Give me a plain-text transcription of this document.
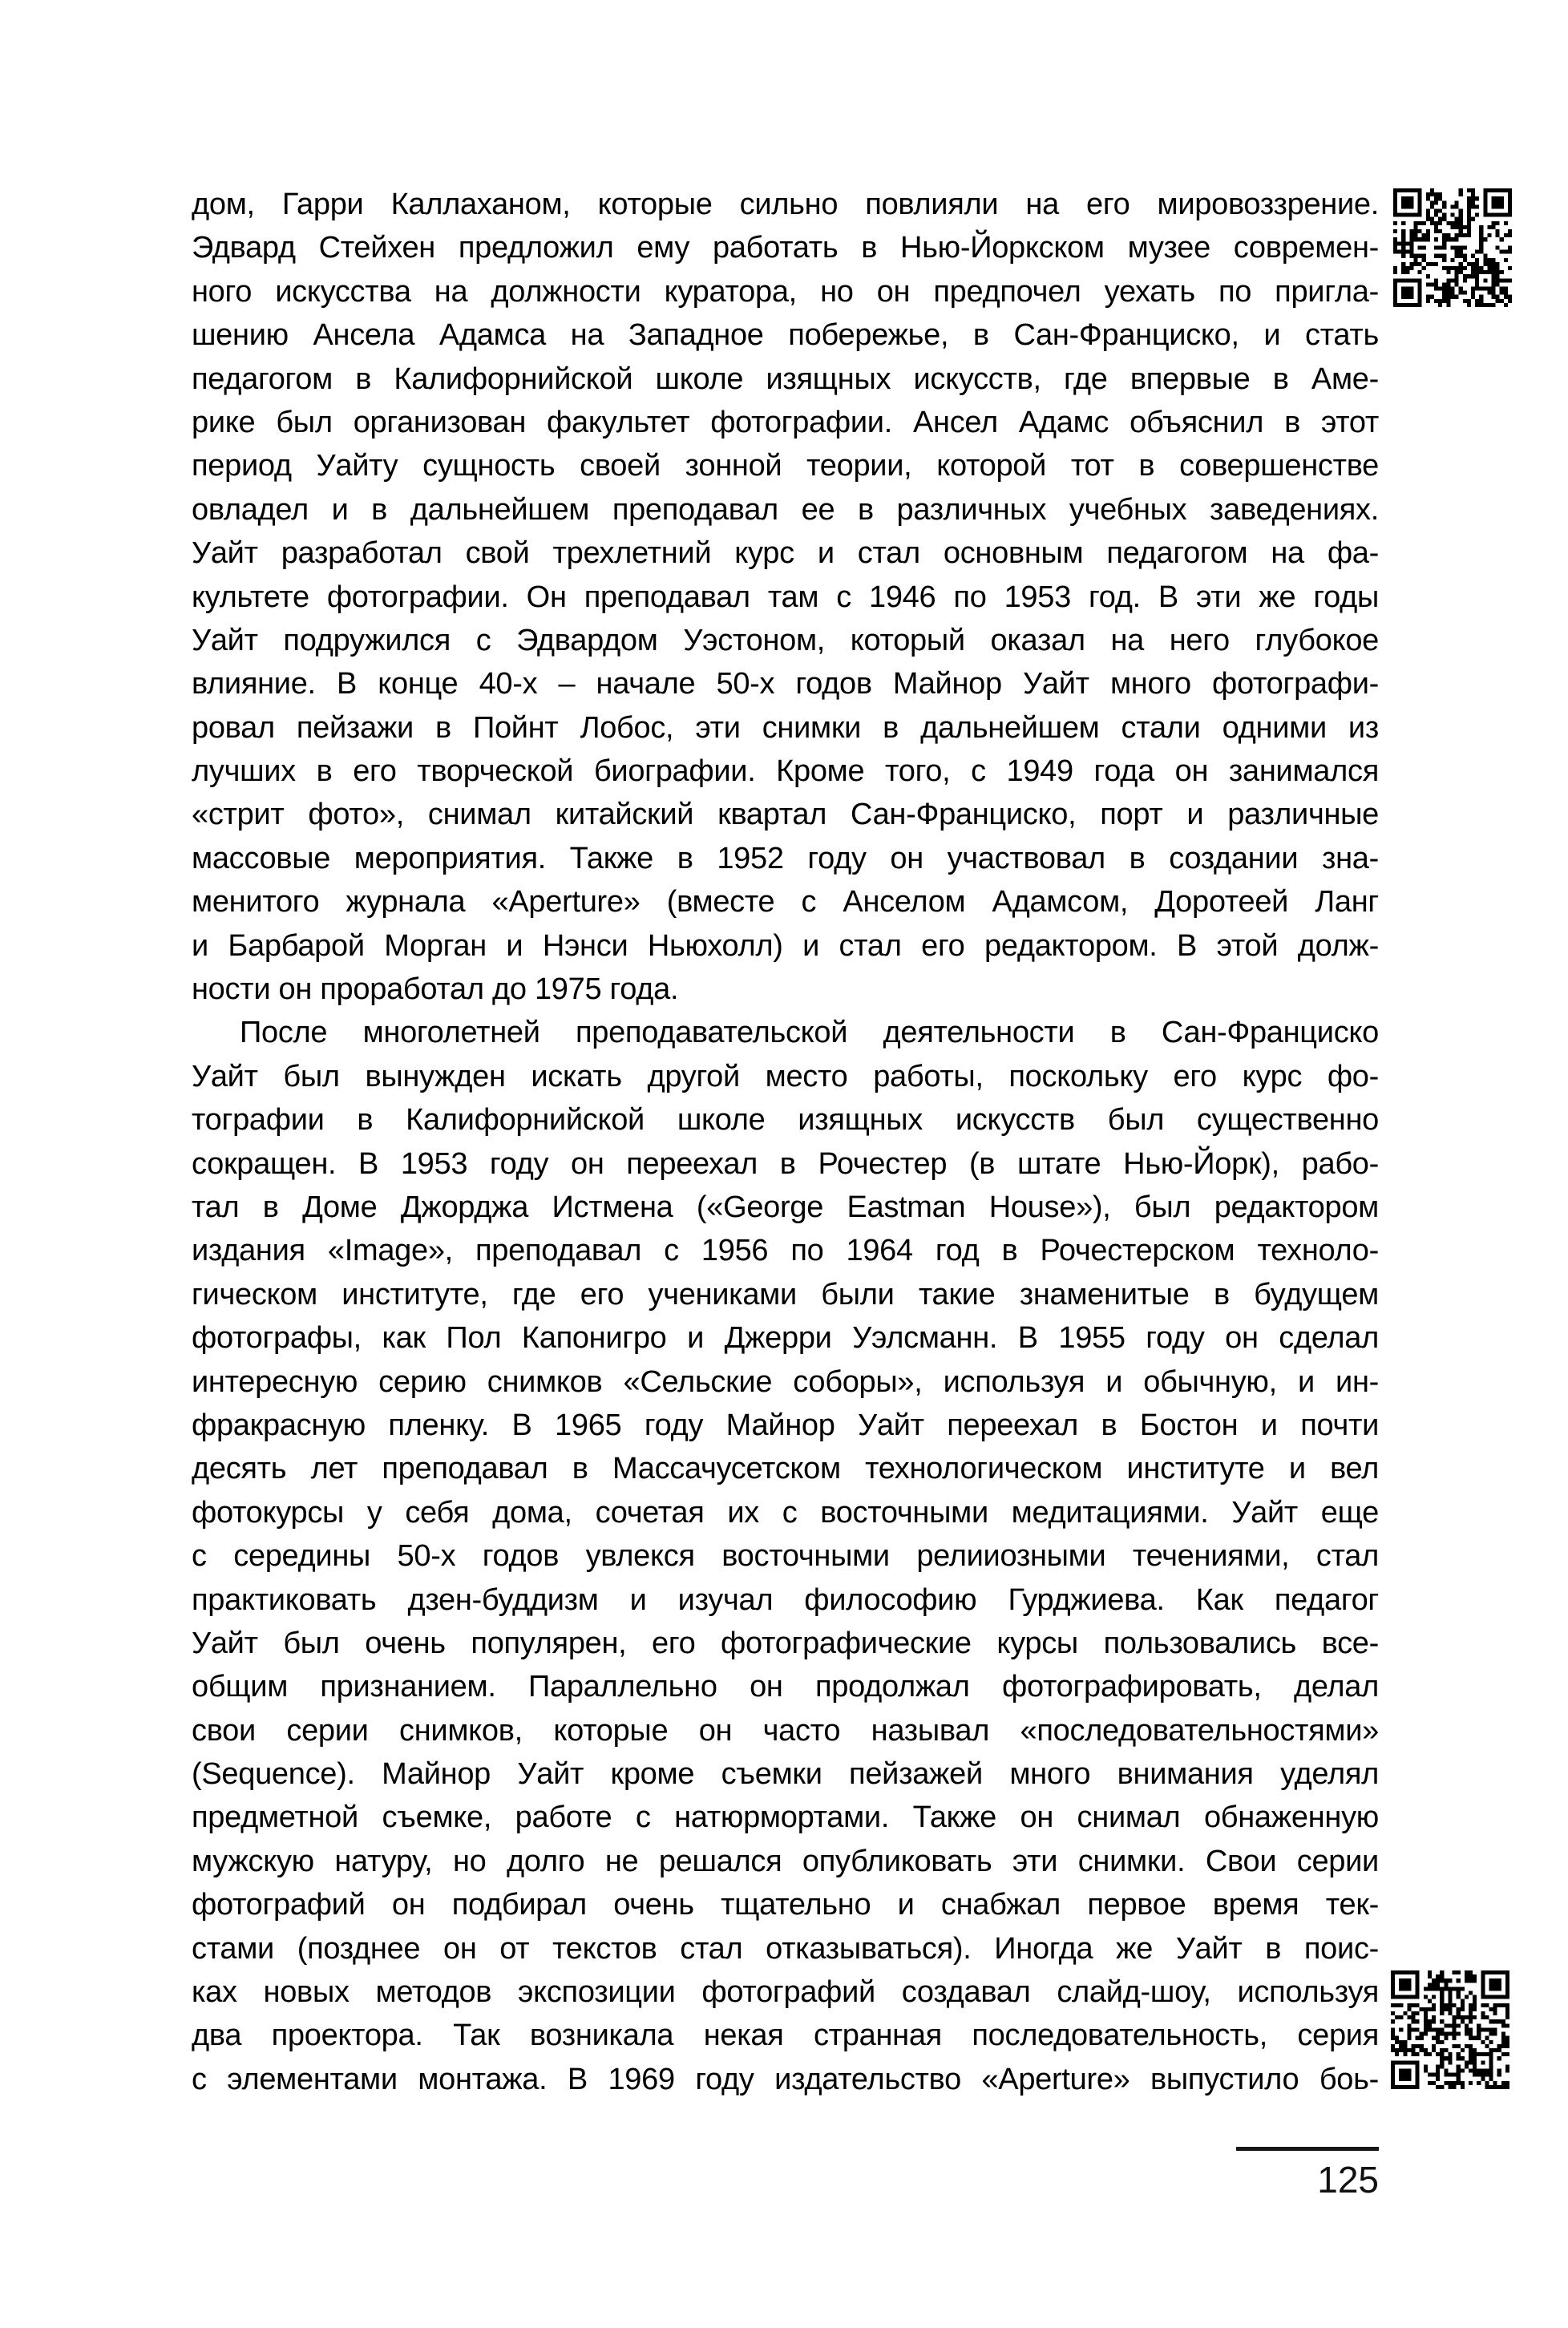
дом, Гарри Каллаханом, которые сильно повлияли на его мировоззрение.
Эдвард Стейхен предложил ему работать в Нью-Йоркском музее современ-
ного искусства на должности куратора, но он предпочел уехать по пригла-
шению Ансела Адамса на Западное побережье, в Сан-Франциско, и стать
педагогом в Калифорнийской школе изящных искусств, где впервые в Аме-
рике был организован факультет фотографии. Ансел Адамс объяснил в этот
период Уайту сущность своей зонной теории, которой тот в совершенстве
овладел и в дальнейшем преподавал ее в различных учебных заведениях.
Уайт разработал свой трехлетний курс и стал основным педагогом на фа-
культете фотографии. Он преподавал там с 1946 по 1953 год. В эти же годы
Уайт подружился с Эдвардом Уэстоном, который оказал на него глубокое
влияние. В конце 40-х – начале 50-х годов Майнор Уайт много фотографи-
ровал пейзажи в Пойнт Лобос, эти снимки в дальнейшем стали одними из
лучших в его творческой биографии. Кроме того, с 1949 года он занимался
«стрит фото», снимал китайский квартал Сан-Франциско, порт и различные
массовые мероприятия. Также в 1952 году он участвовал в создании зна-
менитого журнала «Aperture» (вместе с Анселом Адамсом, Доротеей Ланг
и Барбарой Морган и Нэнси Ньюхолл) и стал его редактором. В этой долж-
ности он проработал до 1975 года.
После многолетней преподавательской деятельности в Сан-Франциско
Уайт был вынужден искать другой место работы, поскольку его курс фо-
тографии в Калифорнийской школе изящных искусств был существенно
сокращен. В 1953 году он переехал в Рочестер (в штате Нью-Йорк), рабо-
тал в Доме Джорджа Истмена («George Eastman House»), был редактором
издания «Image», преподавал с 1956 по 1964 год в Рочестерском техноло-
гическом институте, где его учениками были такие знаменитые в будущем
фотографы, как Пол Капонигро и Джерри Уэлсманн. В 1955 году он сделал
интересную серию снимков «Сельские соборы», используя и обычную, и ин-
фракрасную пленку. В 1965 году Майнор Уайт переехал в Бостон и почти
десять лет преподавал в Массачусетском технологическом институте и вел
фотокурсы у себя дома, сочетая их с восточными медитациями. Уайт еще
с середины 50-х годов увлекся восточными релииозными течениями, стал
практиковать дзен-буддизм и изучал философию Гурджиева. Как педагог
Уайт был очень популярен, его фотографические курсы пользовались все-
общим признанием. Параллельно он продолжал фотографировать, делал
свои серии снимков, которые он часто называл «последовательностями»
(Sequence). Майнор Уайт кроме съемки пейзажей много внимания уделял
предметной съемке, работе с натюрмортами. Также он снимал обнаженную
мужскую натуру, но долго не решался опубликовать эти снимки. Свои серии
фотографий он подбирал очень тщательно и снабжал первое время тек-
стами (позднее он от текстов стал отказываться). Иногда же Уайт в поис-
ках новых методов экспозиции фотографий создавал слайд-шоу, используя
два проектора. Так возникала некая странная последовательность, серия
с элементами монтажа. В 1969 году издательство «Aperture» выпустило боь-
125
